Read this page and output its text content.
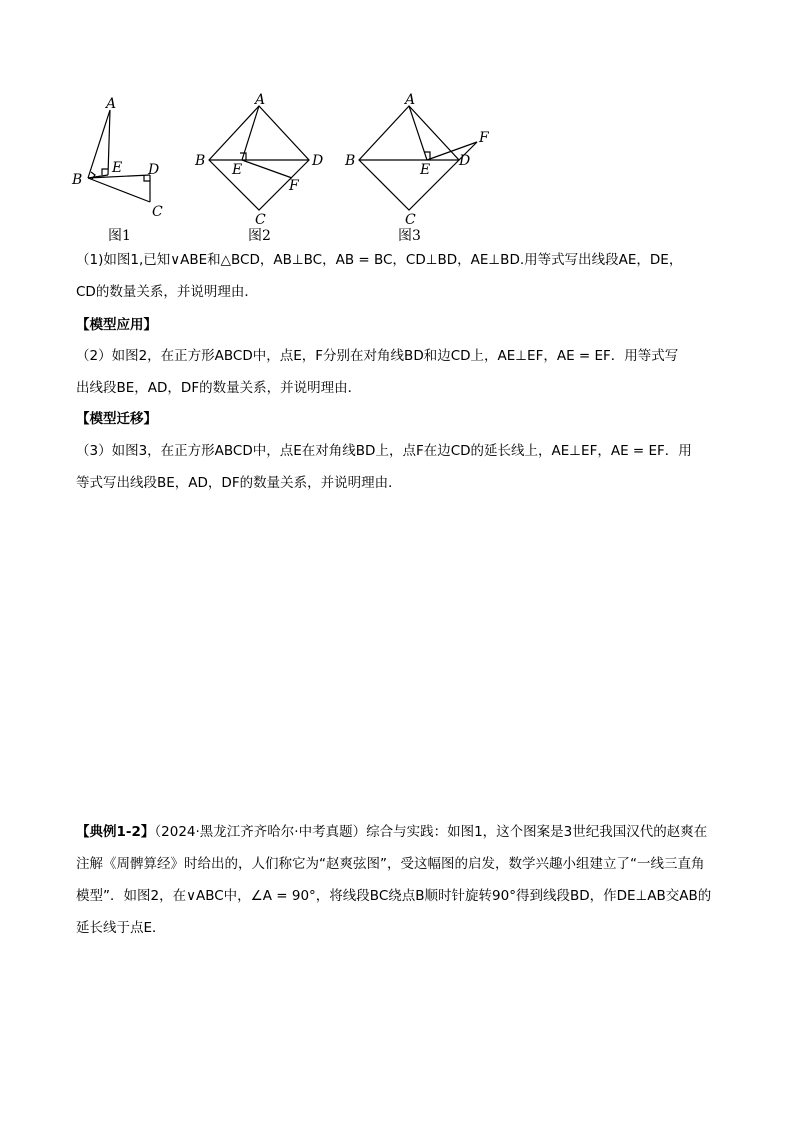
A
B
E D
C
图1
A
B
E
D
F
C
图2
A
B
E
D
F
C
图3
（1)如图1,已知∨ABE和△BCD，AB⊥BC，AB = BC，CD⊥BD，AE⊥BD.用等式写出线段AE，DE，
CD的数量关系，并说明理由．
【模型应用】
（2）如图2，在正方形ABCD中，点E，F分别在对角线BD和边CD上，AE⊥EF，AE = EF．用等式写
出线段BE，AD，DF的数量关系，并说明理由．
【模型迁移】
（3）如图3，在正方形ABCD中，点E在对角线BD上，点F在边CD的延长线上，AE⊥EF，AE = EF．用
等式写出线段BE，AD，DF的数量关系，并说明理由．
【典例1-2】（2024·黑龙江齐齐哈尔·中考真题）综合与实践：如图1，这个图案是3世纪我国汉代的赵爽在
注解《周髀算经》时给出的，人们称它为“赵爽弦图”，受这幅图的启发，数学兴趣小组建立了“一线三直角
模型”．如图2，在∨ABC中，∠A = 90°，将线段BC绕点B顺时针旋转90°得到线段BD，作DE⊥AB交AB的
延长线于点E．
